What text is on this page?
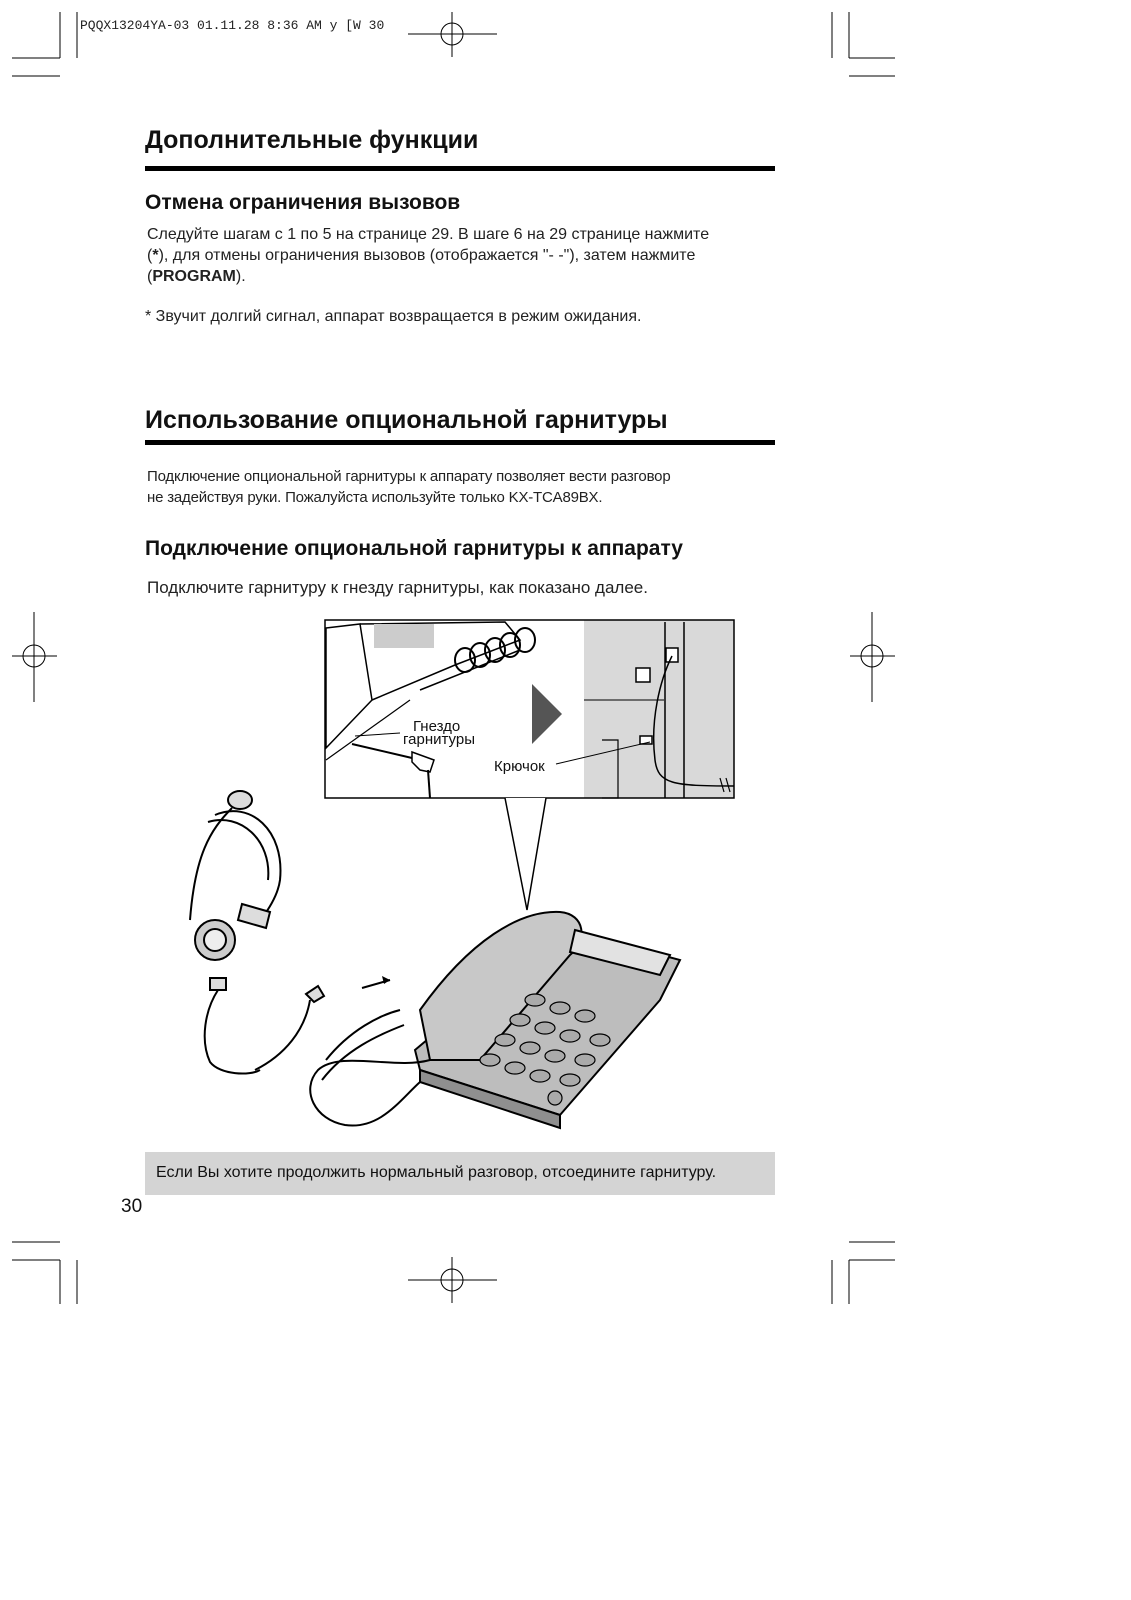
PQQX13204YA-03 01.11.28 8:36 AM y [W 30
Дополнительные функции
Отмена ограничения вызовов

Следуйте шагам с 1 по 5 на странице 29. В шаге 6 на 29 странице нажмите

(*), для отмены ограничения вызовов (отображается "- -"), затем нажмите

(PROGRAM).

* Звучит долгий сигнал, аппарат возвращается в режим ожидания.
Использование опциональной гарнитуры

Подключение опциональной гарнитуры к аппарату позволяет вести разговор

не задействуя руки. Пожалуйста используйте только KX-TCA89BX.

Подключение опциональной гарнитуры к аппарату
Подключите гарнитуру к гнезду гарнитуры, как показано далее.
Гнездо
гарнитуры
Крючок
Если Вы хотите продолжить нормальный разговор, отсоедините гарнитуру.
30
